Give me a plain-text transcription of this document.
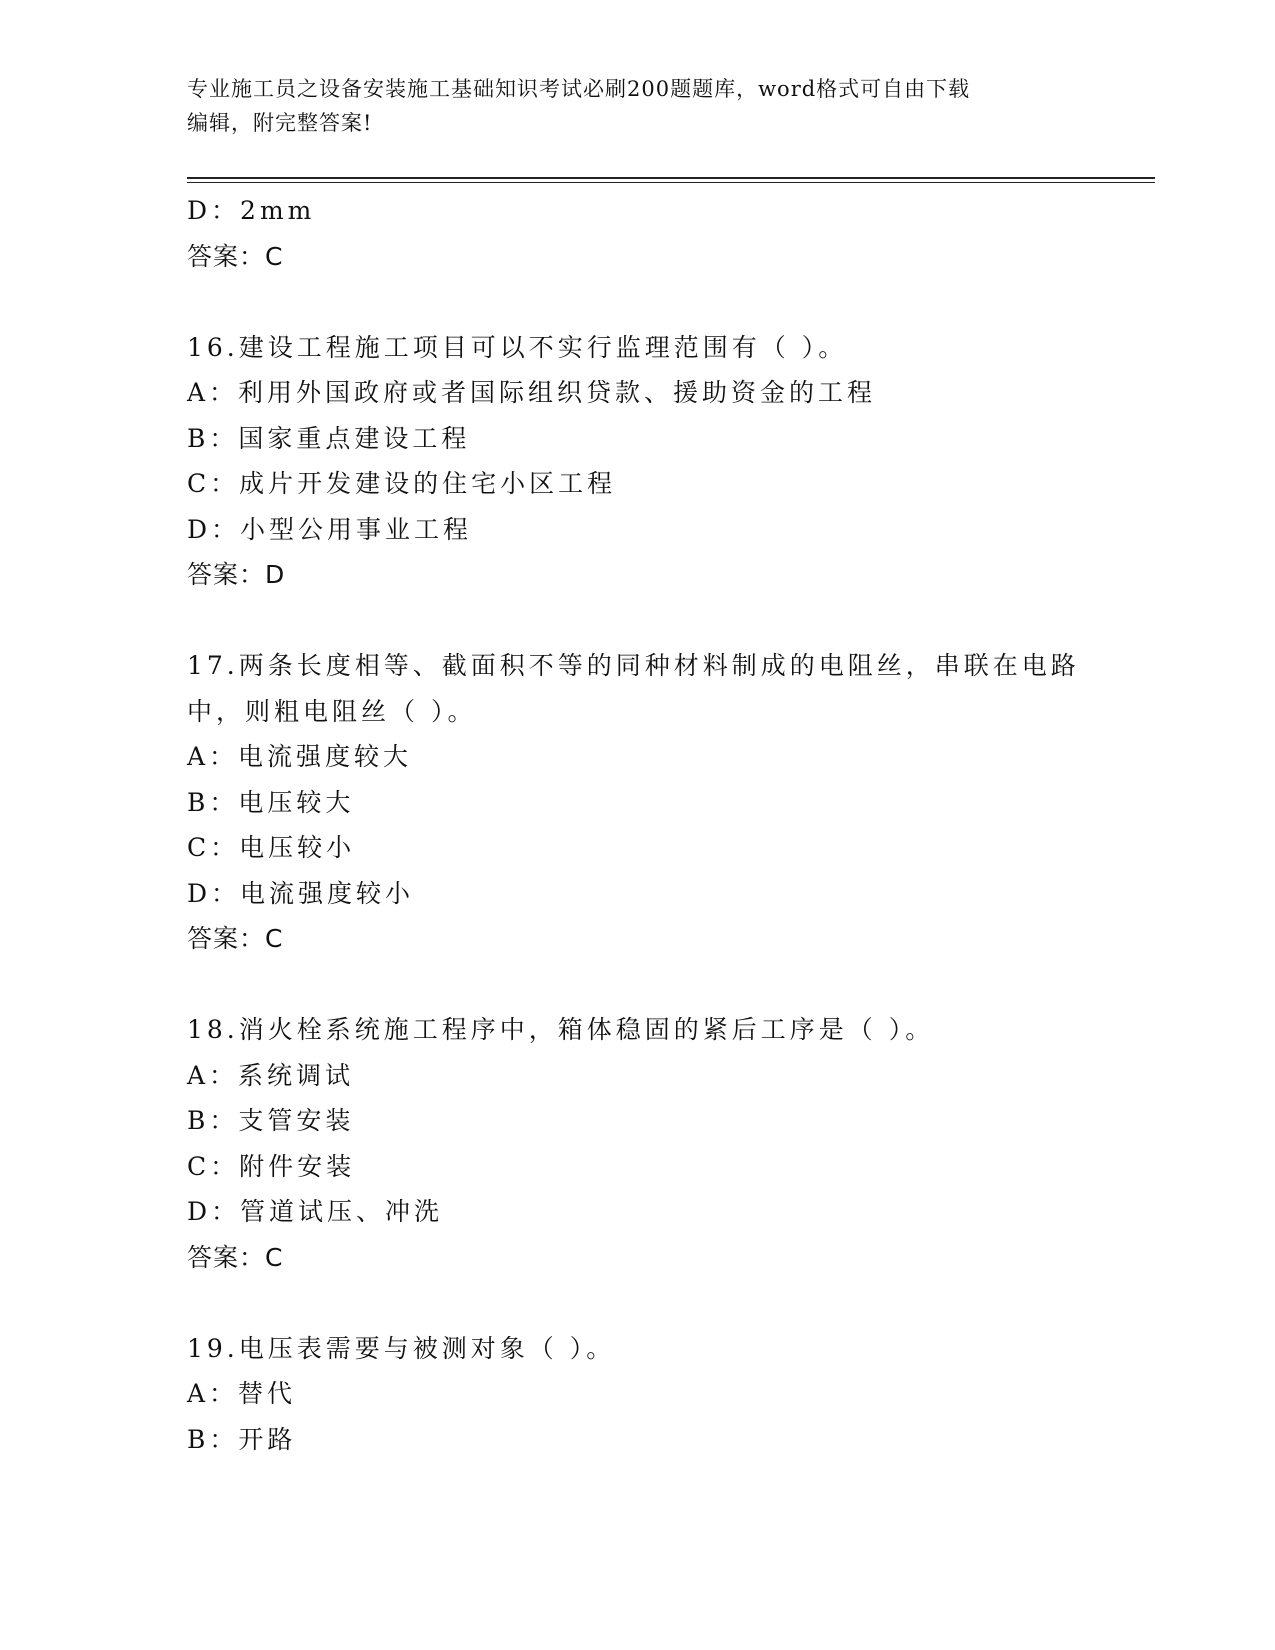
专业施工员之设备安装施工基础知识考试必刷200题题库，word格式可自由下载
编辑，附完整答案!
D：2mm
答案：C
16.建设工程施工项目可以不实行监理范围有（ ）。
A：利用外国政府或者国际组织贷款、援助资金的工程
B：国家重点建设工程
C：成片开发建设的住宅小区工程
D：小型公用事业工程
答案：D
17.两条长度相等、截面积不等的同种材料制成的电阻丝，串联在电路
中，则粗电阻丝（ ）。
A：电流强度较大
B：电压较大
C：电压较小
D：电流强度较小
答案：C
18.消火栓系统施工程序中，箱体稳固的紧后工序是（ ）。
A：系统调试
B：支管安装
C：附件安装
D：管道试压、冲洗
答案：C
19.电压表需要与被测对象（ ）。
A：替代
B：开路
